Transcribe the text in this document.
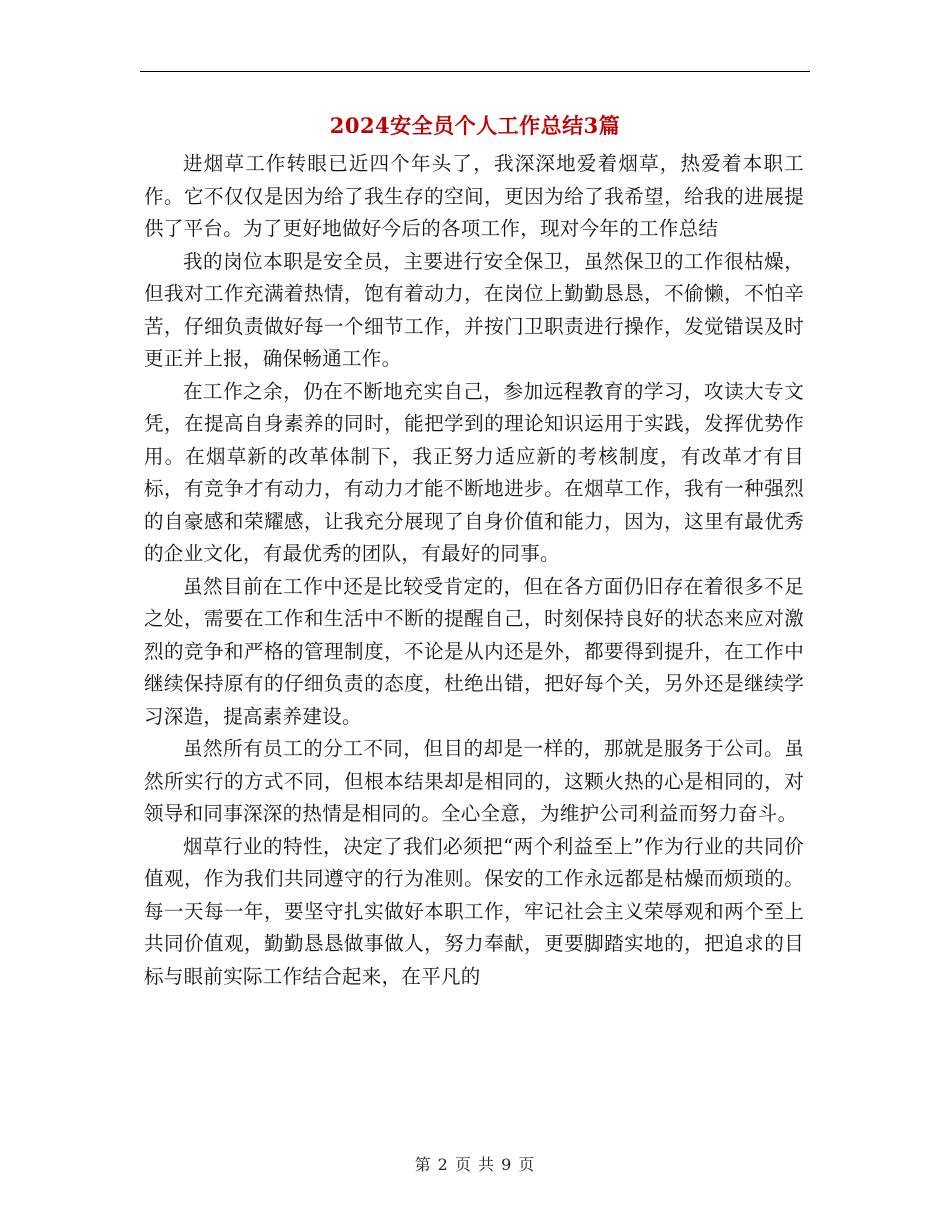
2024安全员个人工作总结3篇

进烟草工作转眼已近四个年头了，我深深地爱着烟草，热爱着本职工作。它不仅仅是因为给了我生存的空间，更因为给了我希望，给我的进展提供了平台。为了更好地做好今后的各项工作，现对今年的工作总结

我的岗位本职是安全员，主要进行安全保卫，虽然保卫的工作很枯燥，但我对工作充满着热情，饱有着动力，在岗位上勤勤恳恳，不偷懒，不怕辛苦，仔细负责做好每一个细节工作，并按门卫职责进行操作，发觉错误及时更正并上报，确保畅通工作。

在工作之余，仍在不断地充实自己，参加远程教育的学习，攻读大专文凭，在提高自身素养的同时，能把学到的理论知识运用于实践，发挥优势作用。在烟草新的改革体制下，我正努力适应新的考核制度，有改革才有目标，有竞争才有动力，有动力才能不断地进步。在烟草工作，我有一种强烈的自豪感和荣耀感，让我充分展现了自身价值和能力，因为，这里有最优秀的企业文化，有最优秀的团队，有最好的同事。

虽然目前在工作中还是比较受肯定的，但在各方面仍旧存在着很多不足之处，需要在工作和生活中不断的提醒自己，时刻保持良好的状态来应对激烈的竞争和严格的管理制度，不论是从内还是外，都要得到提升，在工作中继续保持原有的仔细负责的态度，杜绝出错，把好每个关，另外还是继续学习深造，提高素养建设。

虽然所有员工的分工不同，但目的却是一样的，那就是服务于公司。虽然所实行的方式不同，但根本结果却是相同的，这颗火热的心是相同的，对领导和同事深深的热情是相同的。全心全意，为维护公司利益而努力奋斗。

烟草行业的特性，决定了我们必须把“两个利益至上”作为行业的共同价值观，作为我们共同遵守的行为准则。保安的工作永远都是枯燥而烦琐的。每一天每一年，要坚守扎实做好本职工作，牢记社会主义荣辱观和两个至上共同价值观，勤勤恳恳做事做人，努力奉献，更要脚踏实地的，把追求的目标与眼前实际工作结合起来，在平凡的

第 2 页 共 9 页
